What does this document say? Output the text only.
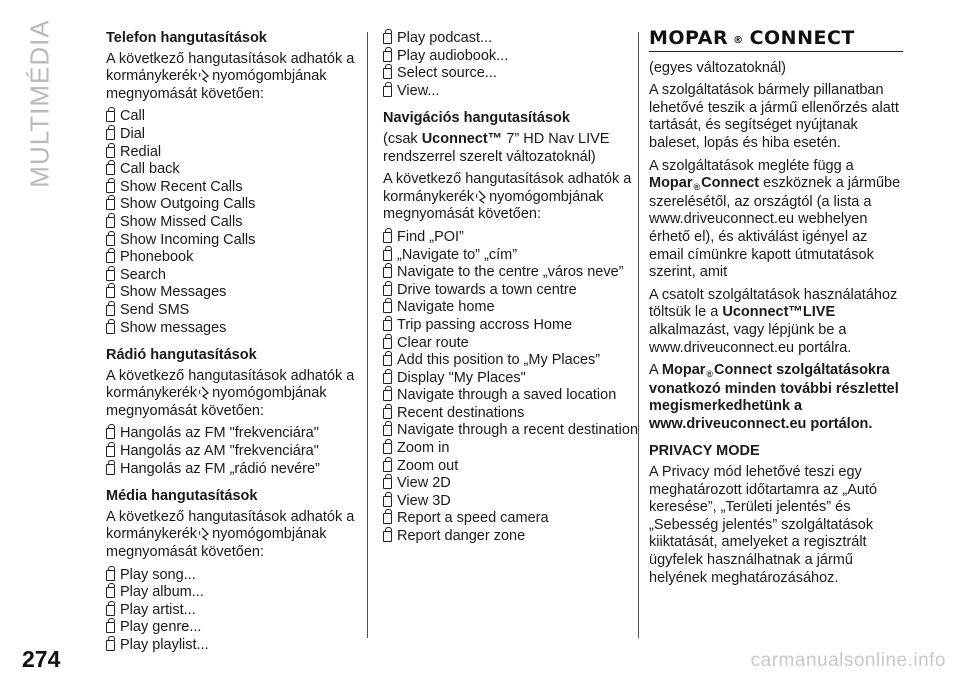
MULTIMÉDIA
274	carmanualsonline.info
Telefon hangutasítások

A következő hangutasítások adhatók a kormánykerék nyomógombjának megnyomását követően:

Call
Dial
Redial
Call back
Show Recent Calls
Show Outgoing Calls
Show Missed Calls
Show Incoming Calls
Phonebook
Search
Show Messages
Send SMS
Show messages
Rádió hangutasítások

A következő hangutasítások adhatók a kormánykerék nyomógombjának megnyomását követően:

Hangolás az FM "frekvenciára"
Hangolás az AM "frekvenciára"
Hangolás az FM „rádió nevére”
Média hangutasítások

A következő hangutasítások adhatók a kormánykerék nyomógombjának megnyomását követően:

Play song...
Play album...
Play artist...
Play genre...
Play playlist...
Play podcast...
Play audiobook...
Select source...
View...
Navigációs hangutasítások

(csak Uconnect™ 7” HD Nav LIVE rendszerrel szerelt változatoknál)

A következő hangutasítások adhatók a kormánykerék nyomógombjának megnyomását követően:

Find „POI”
„Navigate to” „cím”
Navigate to the centre „város neve”
Drive towards a town centre
Navigate home
Trip passing accross Home
Clear route
Add this position to „My Places”
Display "My Places"
Navigate through a saved location
Recent destinations
Navigate through a recent destination
Zoom in
Zoom out
View 2D
View 3D
Report a speed camera
Report danger zone
MOPAR ® CONNECT

(egyes változatoknál)

A szolgáltatások bármely pillanatban lehetővé teszik a jármű ellenőrzés alatt tartását, és segítséget nyújtanak baleset, lopás és hiba esetén.

A szolgáltatások megléte függ a Mopar$_®$Connect eszköznek a járműbe szerelésétől, az országtól (a lista a www.driveuconnect.eu webhelyen érhető el), és aktiválást igényel az email címünkre kapott útmutatások szerint, amit

A csatolt szolgáltatások használatához töltsük le a Uconnect™LIVE alkalmazást, vagy lépjünk be a www.driveuconnect.eu portálra.

A Mopar$_®$Connect szolgáltatásokra vonatkozó minden további részlettel megismerkedhetünk a www.driveuconnect.eu portálon.

PRIVACY MODE

A Privacy mód lehetővé teszi egy meghatározott időtartamra az „Autó keresése”, „Területi jelentés” és „Sebesség jelentés” szolgáltatások kiiktatását, amelyeket a regisztrált ügyfelek használhatnak a jármű helyének meghatározásához.
